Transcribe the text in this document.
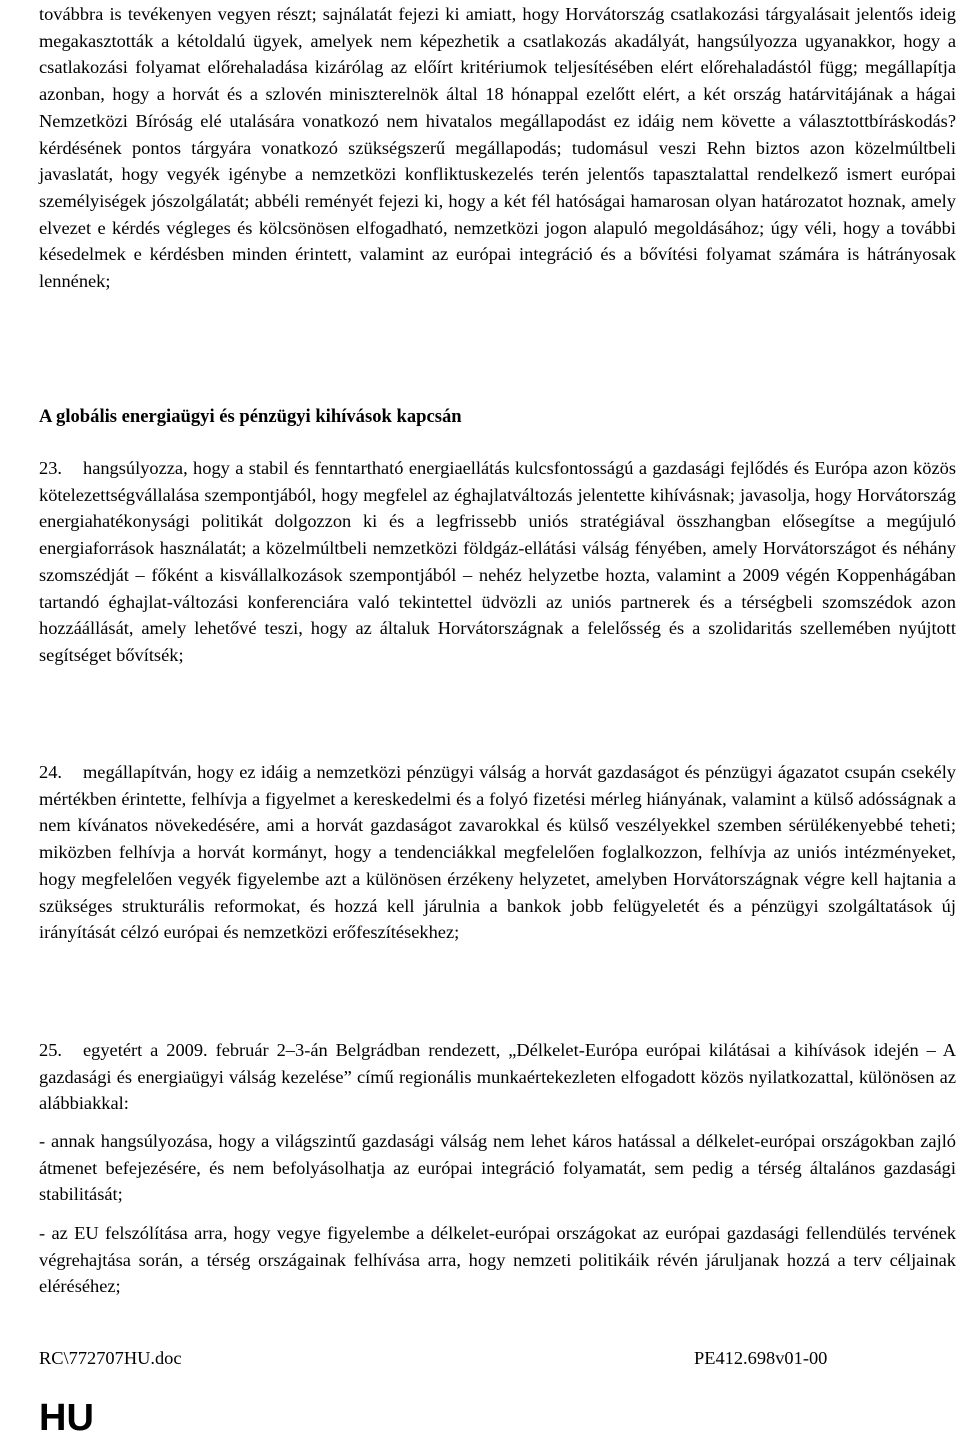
továbbra is tevékenyen vegyen részt; sajnálatát fejezi ki amiatt, hogy Horvátország csatlakozási tárgyalásait jelentős ideig megakasztották a kétoldalú ügyek, amelyek nem képezhetik a csatlakozás akadályát, hangsúlyozza ugyanakkor, hogy a csatlakozási folyamat előrehaladása kizárólag az előírt kritériumok teljesítésében elért előrehaladástól függ; megállapítja azonban, hogy a horvát és a szlovén miniszterelnök által 18 hónappal ezelőtt elért, a két ország határvitájának a hágai Nemzetközi Bíróság elé utalására vonatkozó nem hivatalos megállapodást ez idáig nem követte a választottbíráskodás? kérdésének pontos tárgyára vonatkozó szükségszerű megállapodás; tudomásul veszi Rehn biztos azon közelmúltbeli javaslatát, hogy vegyék igénybe a nemzetközi konfliktuskezelés terén jelentős tapasztalattal rendelkező ismert európai személyiségek jószolgálatát; abbéli reményét fejezi ki, hogy a két fél hatóságai hamarosan olyan határozatot hoznak, amely elvezet e kérdés végleges és kölcsönösen elfogadható, nemzetközi jogon alapuló megoldásához; úgy véli, hogy a további késedelmek e kérdésben minden érintett, valamint az európai integráció és a bővítési folyamat számára is hátrányosak lennének;

A globális energiaügyi és pénzügyi kihívások kapcsán

23. hangsúlyozza, hogy a stabil és fenntartható energiaellátás kulcsfontosságú a gazdasági fejlődés és Európa azon közös kötelezettségvállalása szempontjából, hogy megfelel az éghajlatváltozás jelentette kihívásnak; javasolja, hogy Horvátország energiahatékonysági politikát dolgozzon ki és a legfrissebb uniós stratégiával összhangban elősegítse a megújuló energiaforrások használatát; a közelmúltbeli nemzetközi földgáz-ellátási válság fényében, amely Horvátországot és néhány szomszédját – főként a kisvállalkozások szempontjából – nehéz helyzetbe hozta, valamint a 2009 végén Koppenhágában tartandó éghajlat-változási konferenciára való tekintettel üdvözli az uniós partnerek és a térségbeli szomszédok azon hozzáállását, amely lehetővé teszi, hogy az általuk Horvátországnak a felelősség és a szolidaritás szellemében nyújtott segítséget bővítsék;

24. megállapítván, hogy ez idáig a nemzetközi pénzügyi válság a horvát gazdaságot és pénzügyi ágazatot csupán csekély mértékben érintette, felhívja a figyelmet a kereskedelmi és a folyó fizetési mérleg hiányának, valamint a külső adósságnak a nem kívánatos növekedésére, ami a horvát gazdaságot zavarokkal és külső veszélyekkel szemben sérülékenyebbé teheti; miközben felhívja a horvát kormányt, hogy a tendenciákkal megfelelően foglalkozzon, felhívja az uniós intézményeket, hogy megfelelően vegyék figyelembe azt a különösen érzékeny helyzetet, amelyben Horvátországnak végre kell hajtania a szükséges strukturális reformokat, és hozzá kell járulnia a bankok jobb felügyeletét és a pénzügyi szolgáltatások új irányítását célzó európai és nemzetközi erőfeszítésekhez;

25. egyetért a 2009. február 2–3-án Belgrádban rendezett, „Délkelet-Európa európai kilátásai a kihívások idején – A gazdasági és energiaügyi válság kezelése” című regionális munkaértekezleten elfogadott közös nyilatkozattal, különösen az alábbiakkal:

- annak hangsúlyozása, hogy a világszintű gazdasági válság nem lehet káros hatással a délkelet-európai országokban zajló átmenet befejezésére, és nem befolyásolhatja az európai integráció folyamatát, sem pedig a térség általános gazdasági stabilitását;

- az EU felszólítása arra, hogy vegye figyelembe a délkelet-európai országokat az európai gazdasági fellendülés tervének végrehajtása során, a térség országainak felhívása arra, hogy nemzeti politikáik révén járuljanak hozzá a terv céljainak eléréséhez;

RC\772707HU.doc	PE412.698v01-00
HU
